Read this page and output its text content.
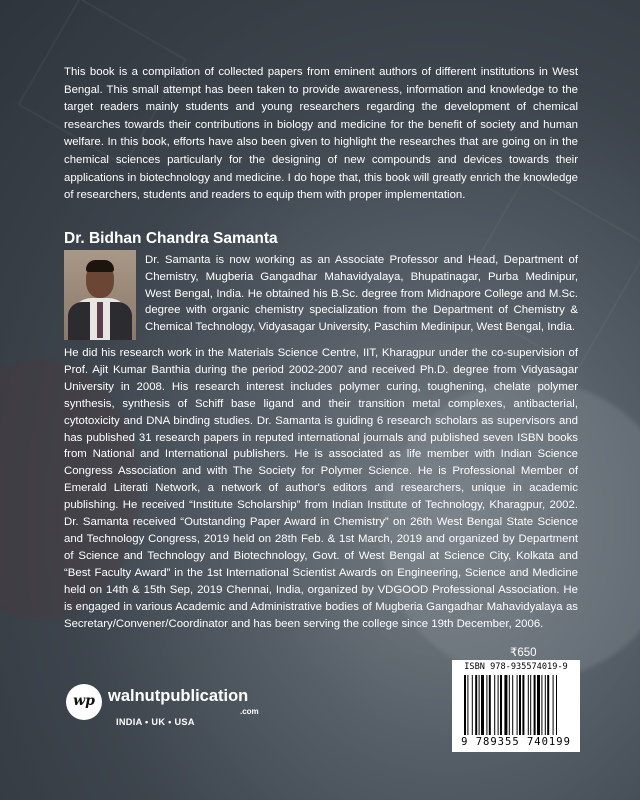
This book is a compilation of collected papers from eminent authors of different institutions in West Bengal. This small attempt has been taken to provide awareness, information and knowledge to the target readers mainly students and young researchers regarding the development of chemical researches towards their contributions in biology and medicine for the benefit of society and human welfare. In this book, efforts have also been given to highlight the researches that are going on in the chemical sciences particularly for the designing of new compounds and devices towards their applications in biotechnology and medicine. I do hope that, this book will greatly enrich the knowledge of researchers, students and readers to equip them with proper implementation.

Dr. Bidhan Chandra Samanta

Dr. Samanta is now working as an Associate Professor and Head, Department of Chemistry, Mugberia Gangadhar Mahavidyalaya, Bhupatinagar, Purba Medinipur, West Bengal, India. He obtained his B.Sc. degree from Midnapore College and M.Sc. degree with organic chemistry specialization from the Department of Chemistry & Chemical Technology, Vidyasagar University, Paschim Medinipur, West Bengal, India.

He did his research work in the Materials Science Centre, IIT, Kharagpur under the co-supervision of Prof. Ajit Kumar Banthia during the period 2002-2007 and received Ph.D. degree from Vidyasagar University in 2008. His research interest includes polymer curing, toughening, chelate polymer synthesis, synthesis of Schiff base ligand and their transition metal complexes, antibacterial, cytotoxicity and DNA binding studies. Dr. Samanta is guiding 6 research scholars as supervisors and has published 31 research papers in reputed international journals and published seven ISBN books from National and International publishers. He is associated as life member with Indian Science Congress Association and with The Society for Polymer Science. He is Professional Member of Emerald Literati Network, a network of author's editors and researchers, unique in academic publishing. He received “Institute Scholarship” from Indian Institute of Technology, Kharagpur, 2002. Dr. Samanta received “Outstanding Paper Award in Chemistry” on 26th West Bengal State Science and Technology Congress, 2019 held on 28th Feb. & 1st March, 2019 and organized by Department of Science and Technology and Biotechnology, Govt. of West Bengal at Science City, Kolkata and “Best Faculty Award” in the 1st International Scientist Awards on Engineering, Science and Medicine held on 14th & 15th Sep, 2019 Chennai, India, organized by VDGOOD Professional Association. He is engaged in various Academic and Administrative bodies of Mugberia Gangadhar Mahavidyalaya as Secretary/Convener/Coordinator and has been serving the college since 19th December, 2006.

₹650

ISBN 978-935574019-9
9 789355 740199
wp walnutpublication
.com
INDIA • UK • USA
